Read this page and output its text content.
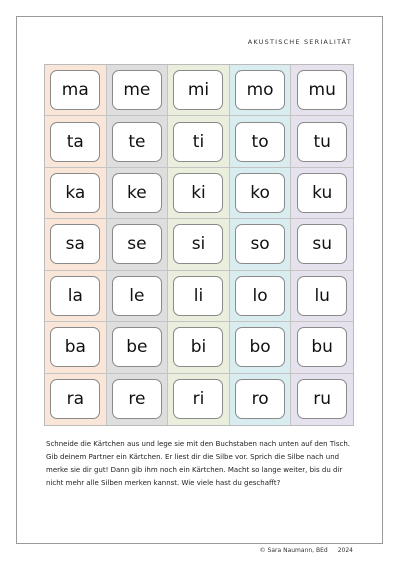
AKUSTISCHE SERIALITÄT
ma	me	mi	mo	mu
ta	te	ti	to	tu
ka	ke	ki	ko	ku
sa	se	si	so	su
la	le	li	lo	lu
ba	be	bi	bo	bu
ra	re	ri	ro	ru
Schneide die Kärtchen aus und lege sie mit den Buchstaben nach unten auf den Tisch. Gib deinem Partner ein Kärtchen. Er liest dir die Silbe vor. Sprich die Silbe nach und merke sie dir gut! Dann gib ihm noch ein Kärtchen. Macht so lange weiter, bis du dir nicht mehr alle Silben merken kannst. Wie viele hast du geschafft?
© Sara Naumann, BEd 2024
